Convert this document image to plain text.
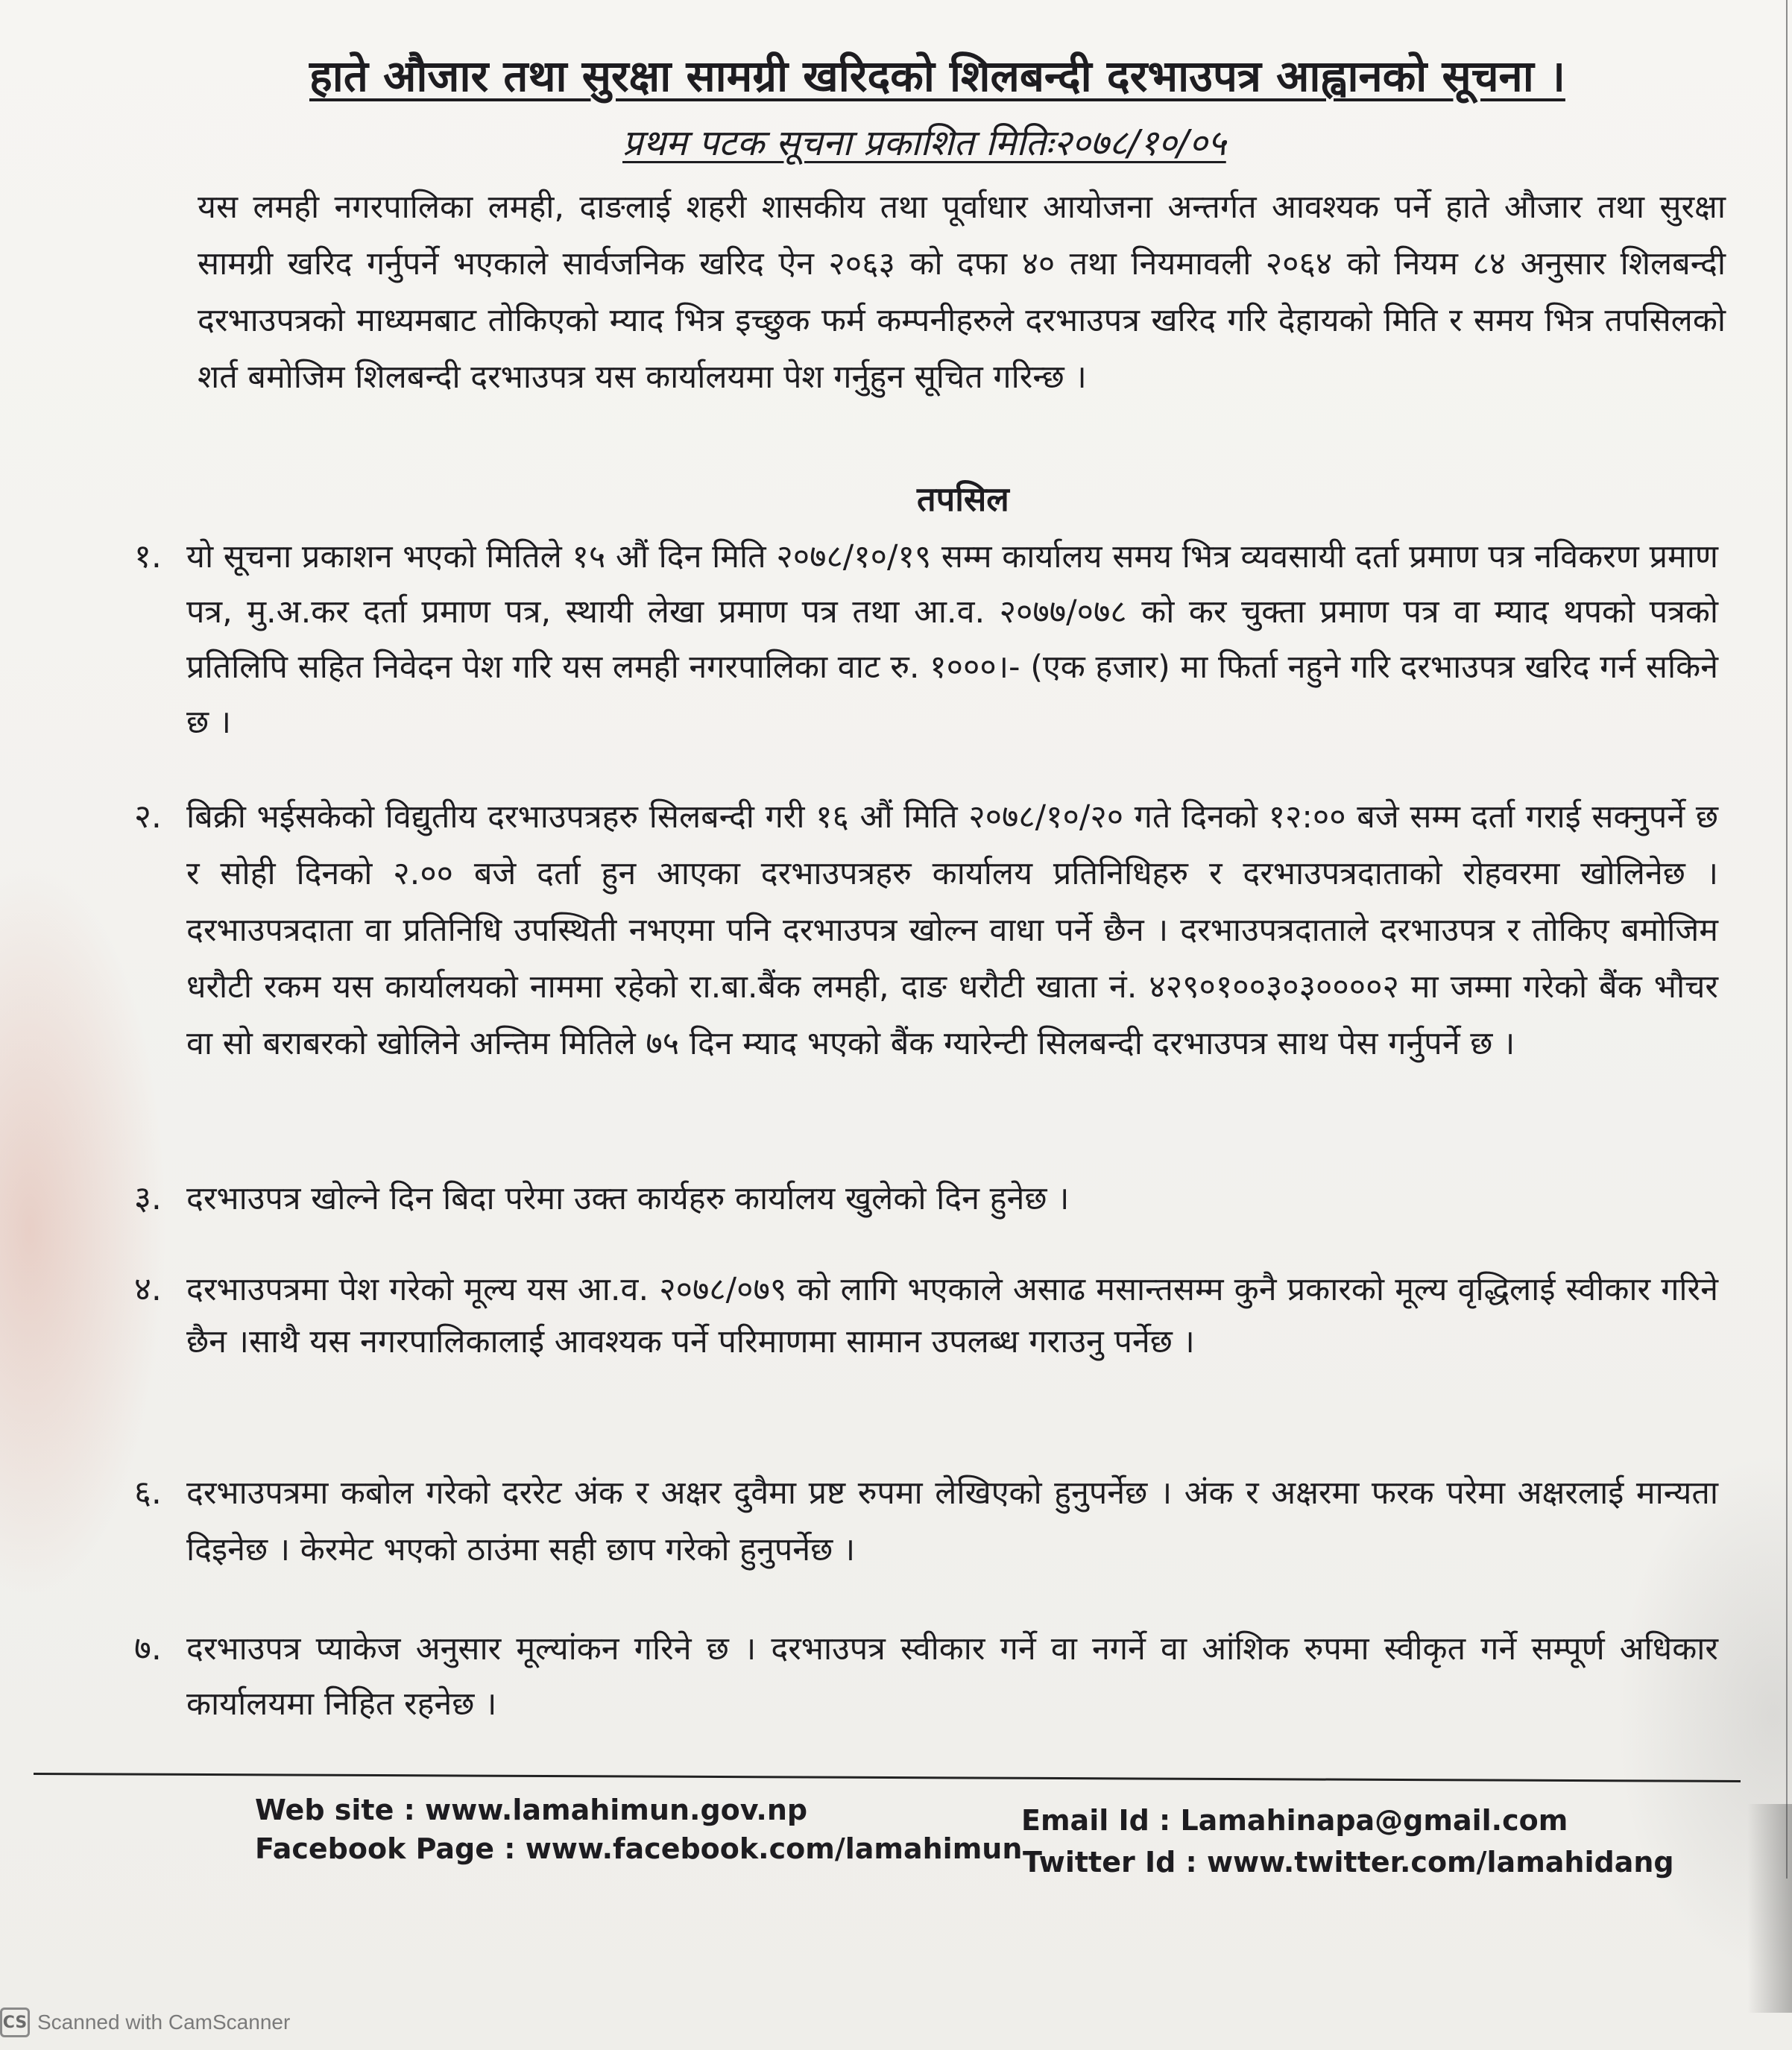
हाते औजार तथा सुरक्षा सामग्री खरिदको शिलबन्दी दरभाउपत्र आह्वानको सूचना ।
प्रथम पटक सूचना प्रकाशित मितिः२०७८/१०/०५
यस लमही नगरपालिका लमही, दाङलाई शहरी शासकीय तथा पूर्वाधार आयोजना अन्तर्गत आवश्यक पर्ने हाते औजार तथा सुरक्षा सामग्री खरिद गर्नुपर्ने भएकाले सार्वजनिक खरिद ऐन २०६३ को दफा ४० तथा नियमावली २०६४ को नियम ८४ अनुसार शिलबन्दी दरभाउपत्रको माध्यमबाट तोकिएको म्याद भित्र इच्छुक फर्म कम्पनीहरुले दरभाउपत्र खरिद गरि देहायको मिति र समय भित्र तपसिलको शर्त बमोजिम शिलबन्दी दरभाउपत्र यस कार्यालयमा पेश गर्नुहुन सूचित गरिन्छ ।
तपसिल
१. यो सूचना प्रकाशन भएको मितिले १५ औं दिन मिति २०७८/१०/१९ सम्म कार्यालय समय भित्र व्यवसायी दर्ता प्रमाण पत्र नविकरण प्रमाण पत्र, मु.अ.कर दर्ता प्रमाण पत्र, स्थायी लेखा प्रमाण पत्र तथा आ.व. २०७७/०७८ को कर चुक्ता प्रमाण पत्र वा म्याद थपको पत्रको प्रतिलिपि सहित निवेदन पेश गरि यस लमही नगरपालिका वाट रु. १०००।- (एक हजार) मा फिर्ता नहुने गरि दरभाउपत्र खरिद गर्न सकिने छ ।
२. बिक्री भईसकेको विद्युतीय दरभाउपत्रहरु सिलबन्दी गरी १६ औं मिति २०७८/१०/२० गते दिनको १२:०० बजे सम्म दर्ता गराई सक्नुपर्ने छ र सोही दिनको २.०० बजे दर्ता हुन आएका दरभाउपत्रहरु कार्यालय प्रतिनिधिहरु र दरभाउपत्रदाताको रोहवरमा खोलिनेछ । दरभाउपत्रदाता वा प्रतिनिधि उपस्थिती नभएमा पनि दरभाउपत्र खोल्न वाधा पर्ने छैन । दरभाउपत्रदाताले दरभाउपत्र र तोकिए बमोजिम धरौटी रकम यस कार्यालयको नाममा रहेको रा.बा.बैंक लमही, दाङ धरौटी खाता नं. ४२९०१००३०३००००२ मा जम्मा गरेको बैंक भौचर वा सो बराबरको खोलिने अन्तिम मितिले ७५ दिन म्याद भएको बैंक ग्यारेन्टी सिलबन्दी दरभाउपत्र साथ पेस गर्नुपर्ने छ ।
३. दरभाउपत्र खोल्ने दिन बिदा परेमा उक्त कार्यहरु कार्यालय खुलेको दिन हुनेछ ।
४. दरभाउपत्रमा पेश गरेको मूल्य यस आ.व. २०७८/०७९ को लागि भएकाले असाढ मसान्तसम्म कुनै प्रकारको मूल्य वृद्धिलाई स्वीकार गरिने छैन ।साथै यस नगरपालिकालाई आवश्यक पर्ने परिमाणमा सामान उपलब्ध गराउनु पर्नेछ ।
६. दरभाउपत्रमा कबोल गरेको दररेट अंक र अक्षर दुवैमा प्रष्ट रुपमा लेखिएको हुनुपर्नेछ । अंक र अक्षरमा फरक परेमा अक्षरलाई मान्यता दिइनेछ । केरमेट भएको ठाउंमा सही छाप गरेको हुनुपर्नेछ ।
७. दरभाउपत्र प्याकेज अनुसार मूल्यांकन गरिने छ । दरभाउपत्र स्वीकार गर्ने वा नगर्ने वा आंशिक रुपमा स्वीकृत गर्ने सम्पूर्ण अधिकार कार्यालयमा निहित रहनेछ ।
Web site : www.lamahimun.gov.np
Facebook Page : www.facebook.com/lamahimun
Email Id : Lamahinapa@gmail.com
Twitter Id : www.twitter.com/lamahidang
CS Scanned with CamScanner
